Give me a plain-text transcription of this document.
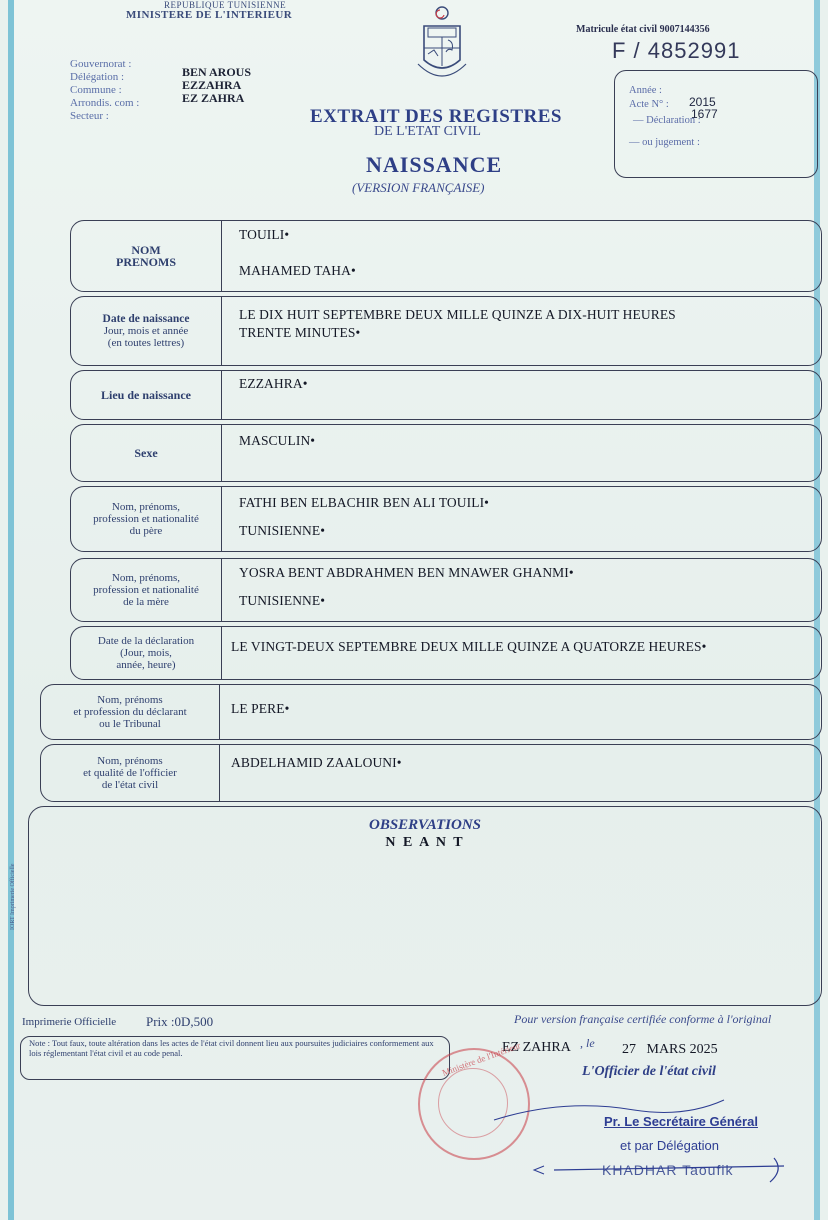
REPUBLIQUE TUNISIENNE
MINISTERE DE L'INTERIEUR
Matricule état civil 9007144356
F / 4852991
Gouvernorat :
Délégation :
Commune :
Arrondis. com :
Secteur :
BEN AROUS
EZZAHRA
EZ ZAHRA
EXTRAIT DES REGISTRES
DE L'ETAT CIVIL
NAISSANCE
(VERSION FRANÇAISE)
Année :
2015
Acte N° :
1677
— Déclaration :
— ou jugement :
NOM
PRENOMS
TOUILI•
MAHAMED TAHA•
Date de naissance
Jour, mois et année
(en toutes lettres)
LE DIX HUIT SEPTEMBRE DEUX MILLE QUINZE A DIX-HUIT HEURES
TRENTE MINUTES•
Lieu de naissance
EZZAHRA•
Sexe
MASCULIN•
Nom, prénoms,
profession et nationalité
du père
FATHI BEN ELBACHIR BEN ALI TOUILI•
TUNISIENNE•
Nom, prénoms,
profession et nationalité
de la mère
YOSRA BENT ABDRAHMEN BEN MNAWER GHANMI•
TUNISIENNE•
Date de la déclaration
(Jour, mois,
année, heure)
LE VINGT-DEUX SEPTEMBRE DEUX MILLE QUINZE A QUATORZE HEURES•
Nom, prénoms
et profession du déclarant
ou le Tribunal
LE PERE•
Nom, prénoms
et qualité de l'officier
de l'état civil
ABDELHAMID ZAALOUNI•
OBSERVATIONS
N E A N T
IORT Imprimerie Officielle
Imprimerie Officielle Prix :0D,500	Pour version française certifiée conforme à l'original
EZ ZAHRA , le 27   MARS 2025
L'Officier de l'état civil
Note : Tout faux, toute altération dans les actes de l'état civil donnent lieu aux poursuites judiciaires conformement aux lois réglementant l'état civil et au code penal.	Ministère de l'Intérieur
Pr. Le Secrétaire Général
et par Délégation
KHADHAR Taoufik
